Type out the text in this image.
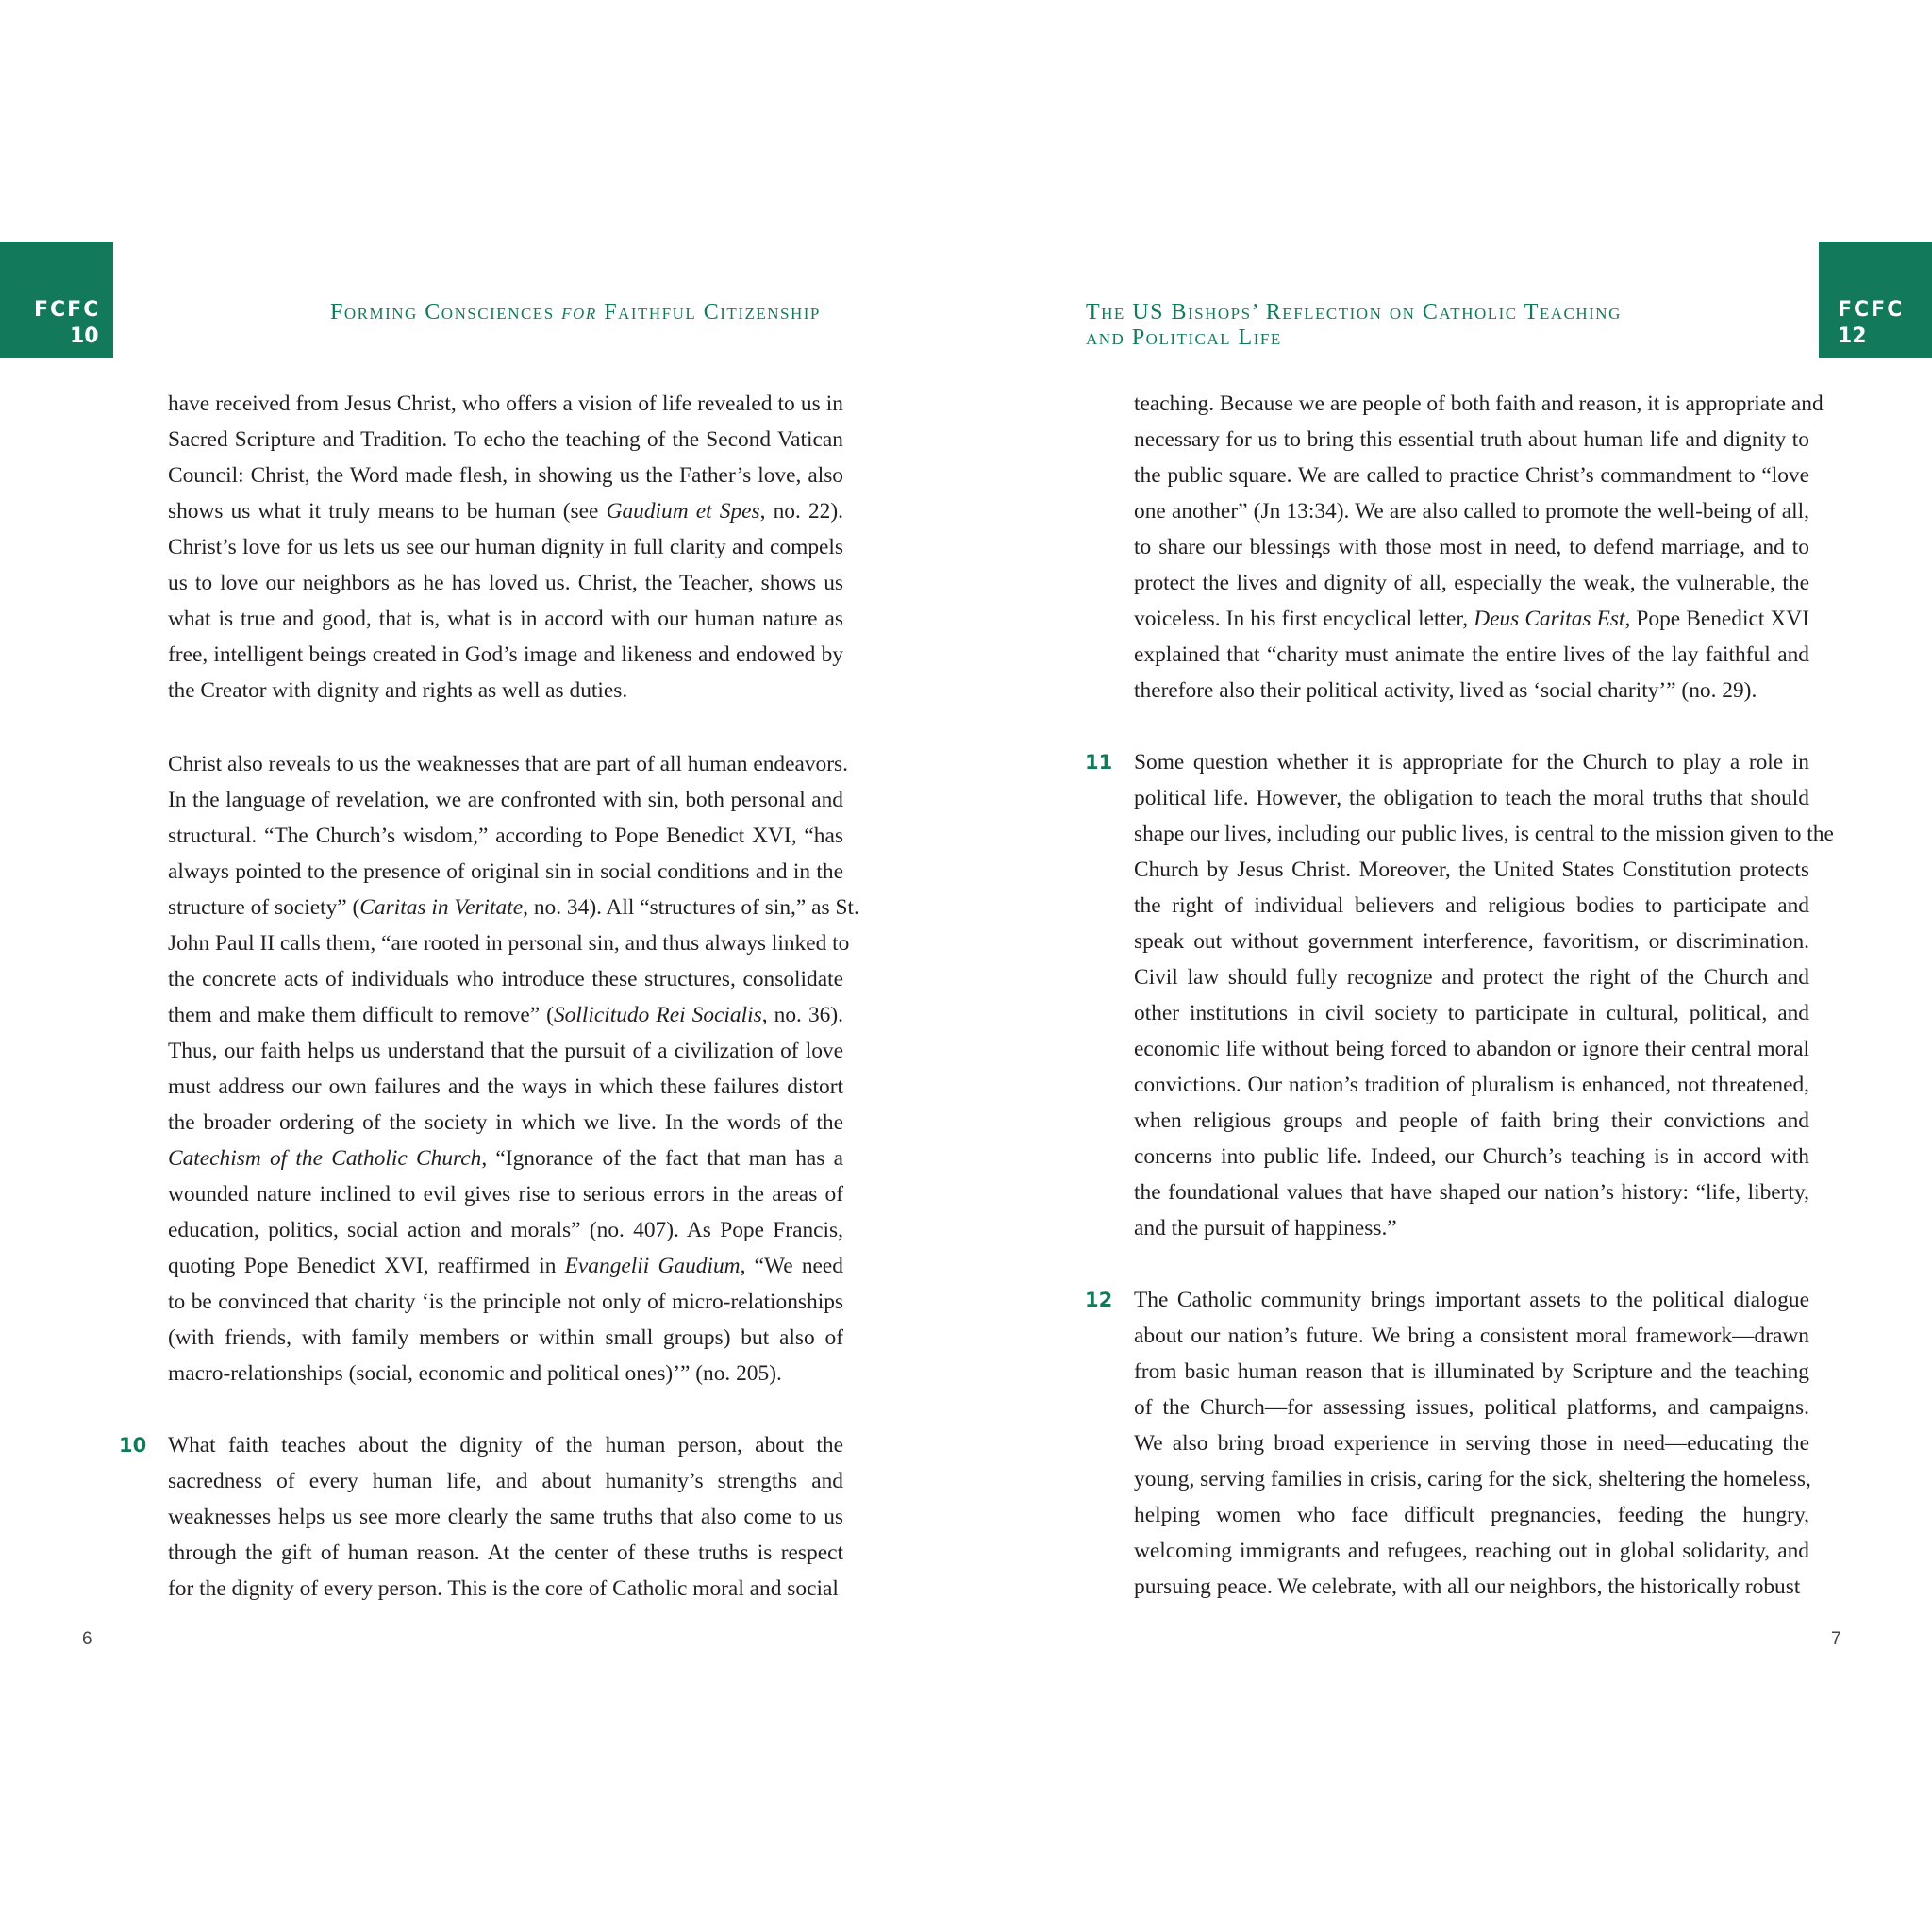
FCFC
10
Forming Consciences for Faithful Citizenship	The US Bishops’ Reflection on Catholic Teaching
and Political Life
FCFC
12
have received from Jesus Christ, who offers a vision of life revealed to us in
Sacred Scripture and Tradition. To echo the teaching of the Second Vatican
Council: Christ, the Word made flesh, in showing us the Father’s love, also
shows us what it truly means to be human (see Gaudium et Spes, no. 22).
Christ’s love for us lets us see our human dignity in full clarity and compels
us to love our neighbors as he has loved us. Christ, the Teacher, shows us
what is true and good, that is, what is in accord with our human nature as
free, intelligent beings created in God’s image and likeness and endowed by
the Creator with dignity and rights as well as duties.
Christ also reveals to us the weaknesses that are part of all human endeavors.
In the language of revelation, we are confronted with sin, both personal and
structural. “The Church’s wisdom,” according to Pope Benedict XVI, “has
always pointed to the presence of original sin in social conditions and in the
structure of society” (Caritas in Veritate, no. 34). All “structures of sin,” as St.
John Paul II calls them, “are rooted in personal sin, and thus always linked to
the concrete acts of individuals who introduce these structures, consolidate
them and make them difficult to remove” (Sollicitudo Rei Socialis, no. 36).
Thus, our faith helps us understand that the pursuit of a civilization of love
must address our own failures and the ways in which these failures distort
the broader ordering of the society in which we live. In the words of the
Catechism of the Catholic Church, “Ignorance of the fact that man has a
wounded nature inclined to evil gives rise to serious errors in the areas of
education, politics, social action and morals” (no. 407). As Pope Francis,
quoting Pope Benedict XVI, reaffirmed in Evangelii Gaudium, “We need
to be convinced that charity ‘is the principle not only of micro-relationships
(with friends, with family members or within small groups) but also of
macro-relationships (social, economic and political ones)’” (no. 205).
10 What faith teaches about the dignity of the human person, about the
sacredness of every human life, and about humanity’s strengths and
weaknesses helps us see more clearly the same truths that also come to us
through the gift of human reason. At the center of these truths is respect
for the dignity of every person. This is the core of Catholic moral and social
teaching. Because we are people of both faith and reason, it is appropriate and
necessary for us to bring this essential truth about human life and dignity to
the public square. We are called to practice Christ’s commandment to “love
one another” (Jn 13:34). We are also called to promote the well-being of all,
to share our blessings with those most in need, to defend marriage, and to
protect the lives and dignity of all, especially the weak, the vulnerable, the
voiceless. In his first encyclical letter, Deus Caritas Est, Pope Benedict XVI
explained that “charity must animate the entire lives of the lay faithful and
therefore also their political activity, lived as ‘social charity’” (no. 29).
11 Some question whether it is appropriate for the Church to play a role in
political life. However, the obligation to teach the moral truths that should
shape our lives, including our public lives, is central to the mission given to the
Church by Jesus Christ. Moreover, the United States Constitution protects
the right of individual believers and religious bodies to participate and
speak out without government interference, favoritism, or discrimination.
Civil law should fully recognize and protect the right of the Church and
other institutions in civil society to participate in cultural, political, and
economic life without being forced to abandon or ignore their central moral
convictions. Our nation’s tradition of pluralism is enhanced, not threatened,
when religious groups and people of faith bring their convictions and
concerns into public life. Indeed, our Church’s teaching is in accord with
the foundational values that have shaped our nation’s history: “life, liberty,
and the pursuit of happiness.”
12 The Catholic community brings important assets to the political dialogue
about our nation’s future. We bring a consistent moral framework—drawn
from basic human reason that is illuminated by Scripture and the teaching
of the Church—for assessing issues, political platforms, and campaigns.
We also bring broad experience in serving those in need—educating the
young, serving families in crisis, caring for the sick, sheltering the homeless,
helping women who face difficult pregnancies, feeding the hungry,
welcoming immigrants and refugees, reaching out in global solidarity, and
pursuing peace. We celebrate, with all our neighbors, the historically robust
6	7
